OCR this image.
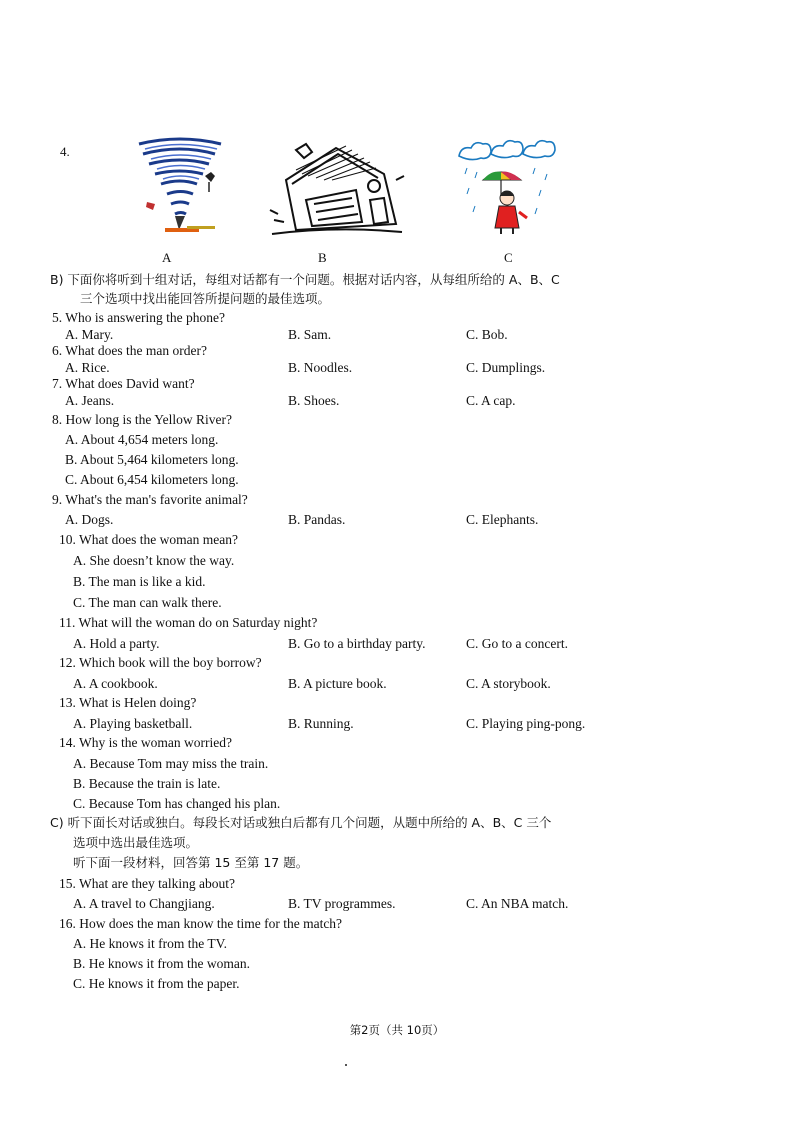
4.
A	B	C
B) 下面你将听到十组对话，每组对话都有一个问题。根据对话内容，从每组所给的 A、B、C
三个选项中找出能回答所提问题的最佳选项。
5. Who is answering the phone?
A. Mary.	B. Sam.	C. Bob.
6. What does the man order?
A. Rice.	B. Noodles.	C. Dumplings.
7. What does David want?
A. Jeans.	B. Shoes.	C. A cap.
8. How long is the Yellow River?
A. About 4,654 meters long.
B. About 5,464 kilometers long.
C. About 6,454 kilometers long.
9. What's the man's favorite animal?
A. Dogs.	B. Pandas.	C. Elephants.
10. What does the woman mean?
A. She doesn’t know the way.
B. The man is like a kid.
C. The man can walk there.
11. What will the woman do on Saturday night?
A. Hold a party.	B. Go to a birthday party.	C. Go to a concert.
12. Which book will the boy borrow?
A. A cookbook.	B. A picture book.	C. A storybook.
13. What is Helen doing?
A. Playing basketball.	B. Running.	C. Playing ping-pong.
14. Why is the woman worried?
A. Because Tom may miss the train.
B. Because the train is late.
C. Because Tom has changed his plan.
C) 听下面长对话或独白。每段长对话或独白后都有几个问题，从题中所给的 A、B、C 三个
选项中选出最佳选项。
听下面一段材料，回答第 15 至第 17 题。
15. What are they talking about?
A. A travel to Changjiang.	B. TV programmes.	C. An NBA match.
16. How does the man know the time for the match?
A. He knows it from the TV.
B. He knows it from the woman.
C. He knows it from the paper.
第2页（共 10页）
